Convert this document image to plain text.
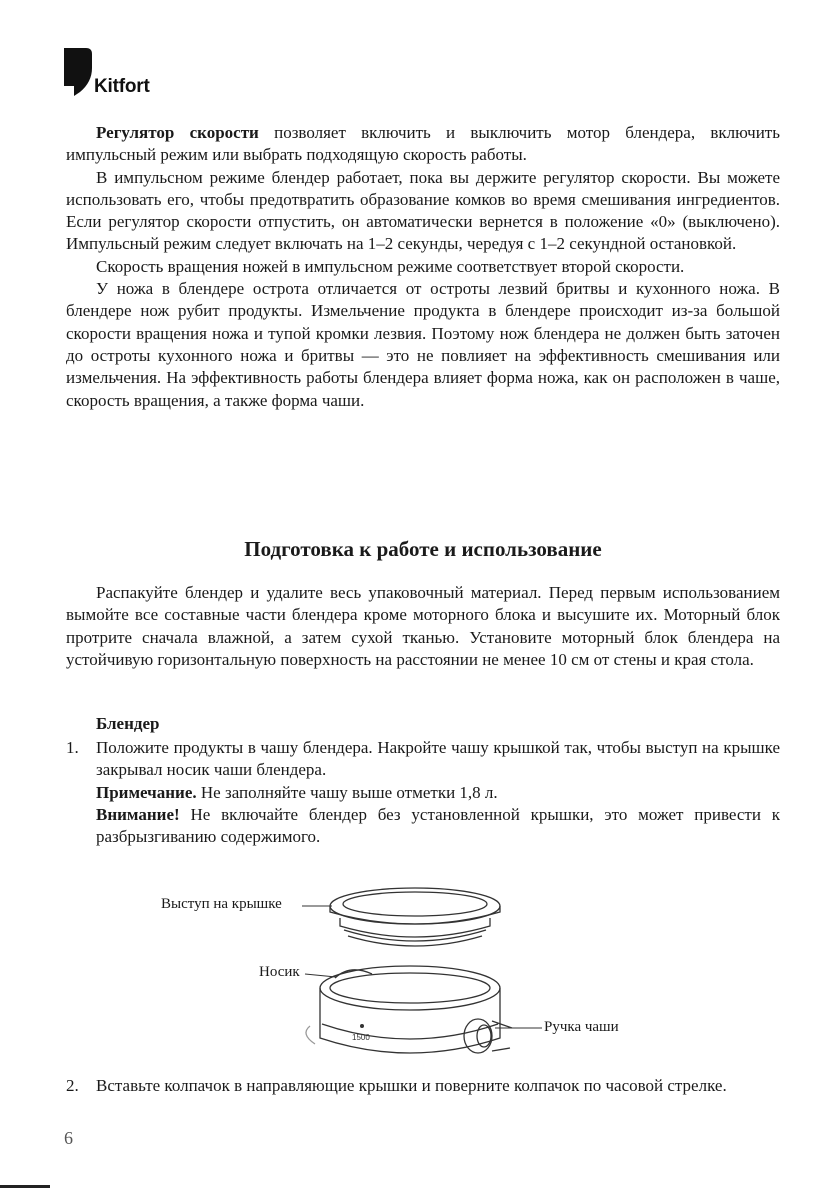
Kitfort

Регулятор скорости позволяет включить и выключить мотор блендера, включить импульсный режим или выбрать подходящую скорость работы.

В импульсном режиме блендер работает, пока вы держите регулятор скорости. Вы можете использовать его, чтобы предотвратить образование комков во время смешивания ингредиентов. Если регулятор скорости отпустить, он автоматически вернется в положение «0» (выключено). Импульсный режим следует включать на 1–2 секунды, чередуя с 1–2 секундной остановкой.

Скорость вращения ножей в импульсном режиме соответствует второй скорости.

У ножа в блендере острота отличается от остроты лезвий бритвы и кухонного ножа. В блендере нож рубит продукты. Измельчение продукта в блендере происходит из-за большой скорости вращения ножа и тупой кромки лезвия. Поэтому нож блендера не должен быть заточен до остроты кухонного ножа и бритвы — это не повлияет на эффективность смешивания или измельчения. На эффективность работы блендера влияет форма ножа, как он расположен в чаше, скорость вращения, а также форма чаши.

Подготовка к работе и использование

Распакуйте блендер и удалите весь упаковочный материал. Перед первым использованием вымойте все составные части блендера кроме моторного блока и высушите их. Моторный блок протрите сначала влажной, а затем сухой тканью. Установите моторный блок блендера на устойчивую горизонтальную поверхность на расстоянии не менее 10 см от стены и края стола.

Блендер
1.	Положите продукты в чашу блендера. Накройте чашу крышкой так, чтобы выступ на крышке закрывал носик чаши блендера.

Примечание. Не заполняйте чашу выше отметки 1,8 л.

Внимание! Не включайте блендер без установленной крышки, это может привести к разбрызгиванию содержимого.

1500
Выступ на крышке
Носик
Ручка чаши
2.	Вставьте колпачок в направляющие крышки и поверните колпачок по часовой стрелке.

6
